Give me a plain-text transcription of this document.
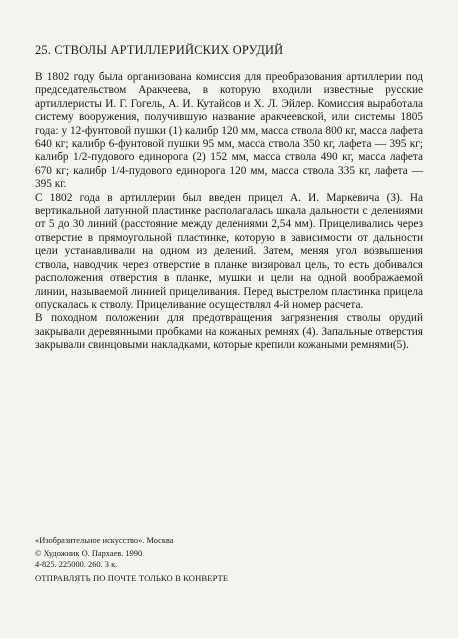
25. СТВОЛЫ АРТИЛЛЕРИЙСКИХ ОРУДИЙ

В 1802 году была организована комиссия для преобразования артиллерии под председательством Аракчеева, в которую входили известные русские артиллеристы И. Г. Гогель, А. И. Кутайсов и Х. Л. Эйлер. Комиссия выработала систему вооружения, получившую название аракчеевской, или системы 1805 года: у 12-фунтовой пушки (1) калибр 120 мм, масса ствола 800 кг, масса лафета 640 кг; калибр 6-фунтовой пушки 95 мм, масса ствола 350 кг, лафета — 395 кг; калибр 1/2-пудового единорога (2) 152 мм, масса ствола 490 кг, масса лафета 670 кг; калибр 1/4-пудового единорога 120 мм, масса ствола 335 кг, лафета — 395 кг.

С 1802 года в артиллерии был введен прицел А. И. Маркевича (3). На вертикальной латунной пластинке располагалась шкала дальности с делениями от 5 до 30 линий (расстояние между делениями 2,54 мм). Прицеливались через отверстие в прямоугольной пластинке, которую в зависимости от дальности цели устанавливали на одном из делений. Затем, меняя угол возвышения ствола, наводчик через отверстие в планке визировал цель, то есть добивался расположения отверстия в планке, мушки и цели на одной воображаемой линии, называемой линией прицеливания. Перед выстрелом пластинка прицела опускалась к стволу. Прицеливание осуществлял 4-й номер расчета.

В походном положении для предотвращения загрязнения стволы орудий закрывали деревянными пробками на кожаных ремнях (4). Запальные отверстия закрывали свинцовыми накладками, которые крепили кожаными ремнями(5).

«Изобразительное искусство». Москва
© Художник О. Пархаев. 1990
4-825. 225000. 260. 3 к.
ОТПРАВЛЯТЬ ПО ПОЧТЕ ТОЛЬКО В КОНВЕРТЕ
